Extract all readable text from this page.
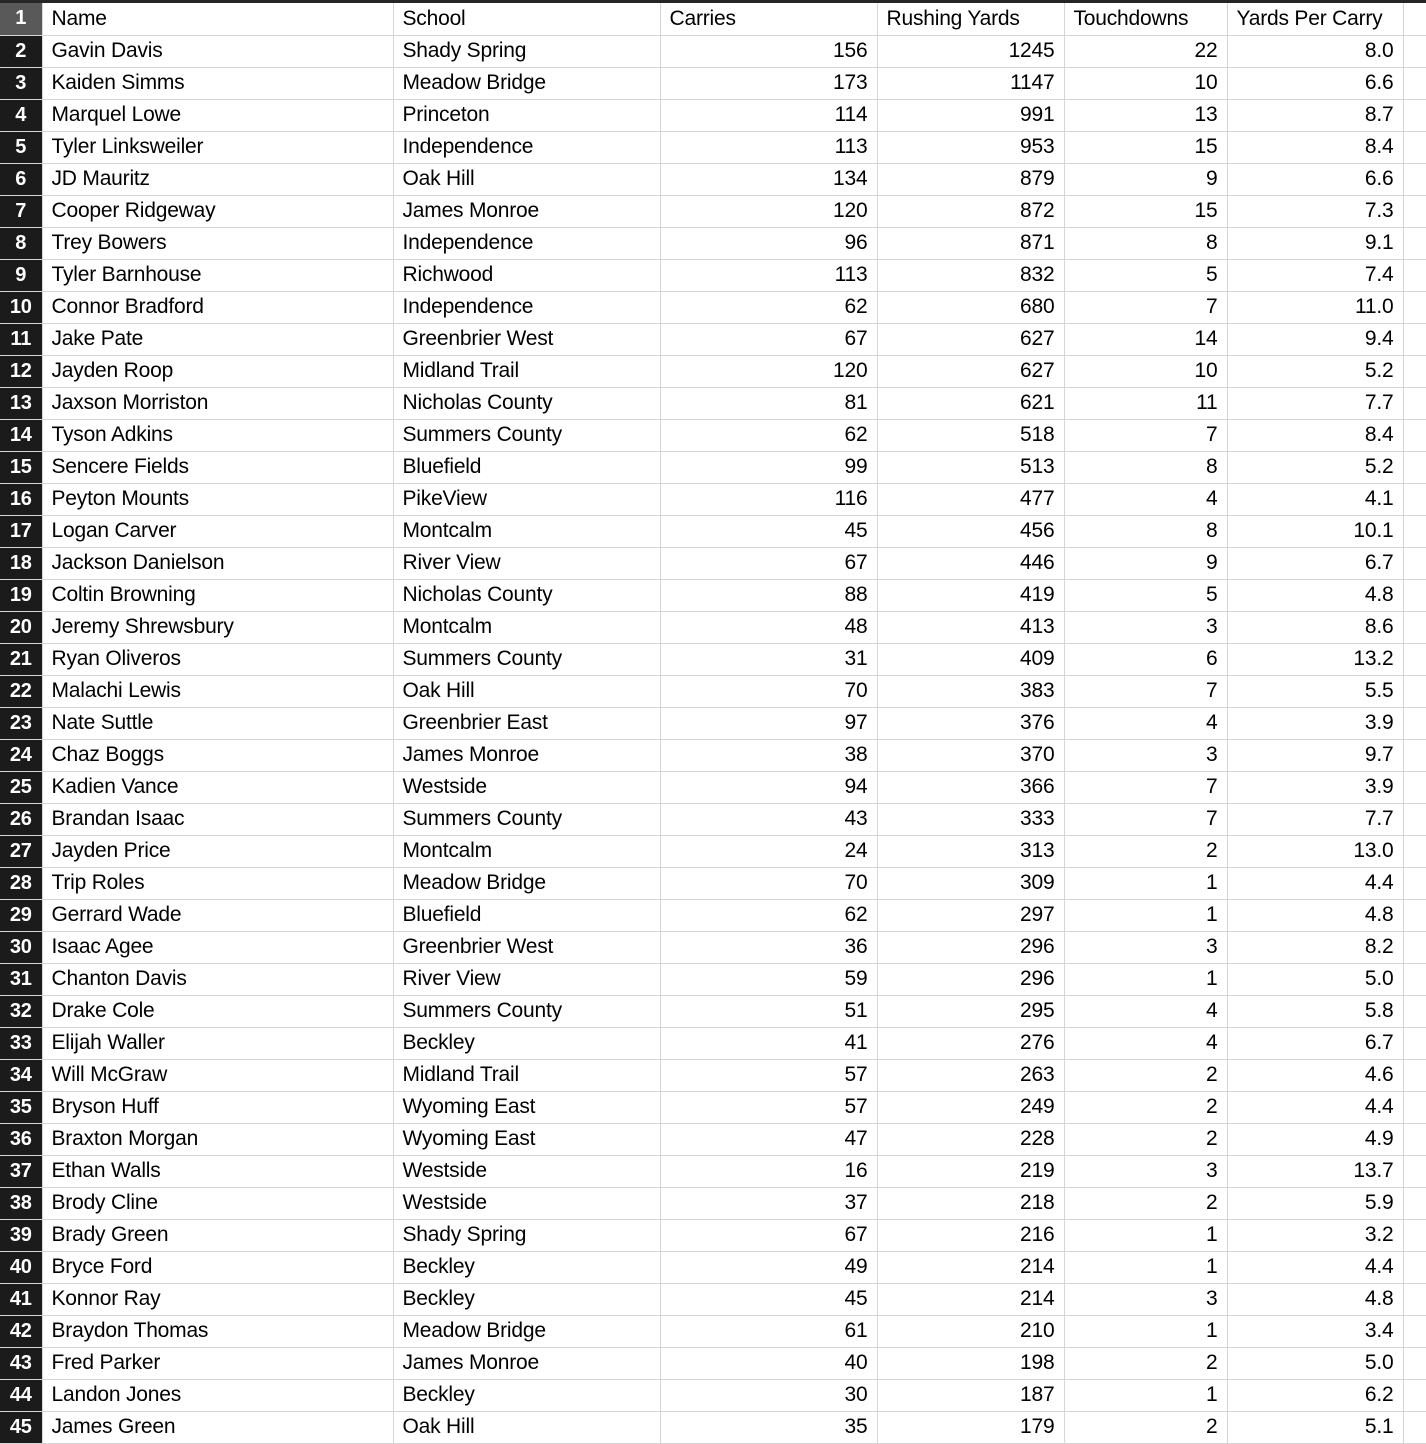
1	Name	School	Carries	Rushing Yards	Touchdowns	Yards Per Carry	
2	Gavin Davis	Shady Spring	156	1245	22	8.0	
3	Kaiden Simms	Meadow Bridge	173	1147	10	6.6	
4	Marquel Lowe	Princeton	114	991	13	8.7	
5	Tyler Linksweiler	Independence	113	953	15	8.4	
6	JD Mauritz	Oak Hill	134	879	9	6.6	
7	Cooper Ridgeway	James Monroe	120	872	15	7.3	
8	Trey Bowers	Independence	96	871	8	9.1	
9	Tyler Barnhouse	Richwood	113	832	5	7.4	
10	Connor Bradford	Independence	62	680	7	11.0	
11	Jake Pate	Greenbrier West	67	627	14	9.4	
12	Jayden Roop	Midland Trail	120	627	10	5.2	
13	Jaxson Morriston	Nicholas County	81	621	11	7.7	
14	Tyson Adkins	Summers County	62	518	7	8.4	
15	Sencere Fields	Bluefield	99	513	8	5.2	
16	Peyton Mounts	PikeView	116	477	4	4.1	
17	Logan Carver	Montcalm	45	456	8	10.1	
18	Jackson Danielson	River View	67	446	9	6.7	
19	Coltin Browning	Nicholas County	88	419	5	4.8	
20	Jeremy Shrewsbury	Montcalm	48	413	3	8.6	
21	Ryan Oliveros	Summers County	31	409	6	13.2	
22	Malachi Lewis	Oak Hill	70	383	7	5.5	
23	Nate Suttle	Greenbrier East	97	376	4	3.9	
24	Chaz Boggs	James Monroe	38	370	3	9.7	
25	Kadien Vance	Westside	94	366	7	3.9	
26	Brandan Isaac	Summers County	43	333	7	7.7	
27	Jayden Price	Montcalm	24	313	2	13.0	
28	Trip Roles	Meadow Bridge	70	309	1	4.4	
29	Gerrard Wade	Bluefield	62	297	1	4.8	
30	Isaac Agee	Greenbrier West	36	296	3	8.2	
31	Chanton Davis	River View	59	296	1	5.0	
32	Drake Cole	Summers County	51	295	4	5.8	
33	Elijah Waller	Beckley	41	276	4	6.7	
34	Will McGraw	Midland Trail	57	263	2	4.6	
35	Bryson Huff	Wyoming East	57	249	2	4.4	
36	Braxton Morgan	Wyoming East	47	228	2	4.9	
37	Ethan Walls	Westside	16	219	3	13.7	
38	Brody Cline	Westside	37	218	2	5.9	
39	Brady Green	Shady Spring	67	216	1	3.2	
40	Bryce Ford	Beckley	49	214	1	4.4	
41	Konnor Ray	Beckley	45	214	3	4.8	
42	Braydon Thomas	Meadow Bridge	61	210	1	3.4	
43	Fred Parker	James Monroe	40	198	2	5.0	
44	Landon Jones	Beckley	30	187	1	6.2	
45	James Green	Oak Hill	35	179	2	5.1	
